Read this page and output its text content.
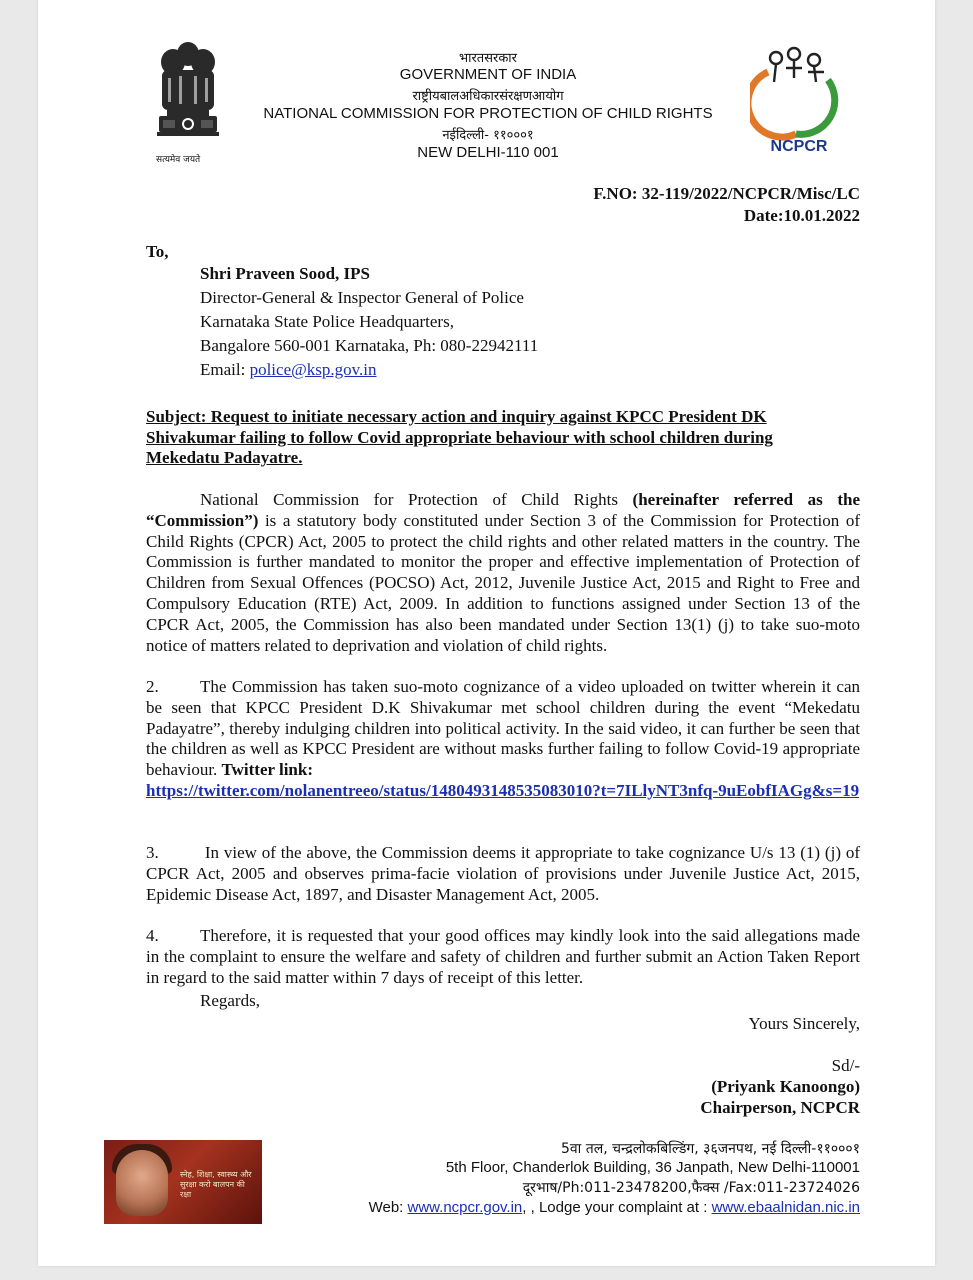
सत्यमेव जयते
भारतसरकार
GOVERNMENT OF INDIA
राष्ट्रीयबालअधिकारसंरक्षणआयोग
NATIONAL COMMISSION FOR PROTECTION OF CHILD RIGHTS
नईदिल्ली- ११०००१
NEW DELHI-110 001	NCPCR
F.NO: 32-119/2022/NCPCR/Misc/LC
Date:10.01.2022
To,
Shri Praveen Sood, IPS
Director-General & Inspector General of Police
Karnataka State Police Headquarters,
Bangalore 560-001 Karnataka, Ph: 080-22942111
Email: police@ksp.gov.in
Subject: Request to initiate necessary action and inquiry against KPCC President DK Shivakumar failing to follow Covid appropriate behaviour with school children during Mekedatu Padayatre.
National Commission for Protection of Child Rights (hereinafter referred as the “Commission”) is a statutory body constituted under Section 3 of the Commission for Protection of Child Rights (CPCR) Act, 2005 to protect the child rights and other related matters in the country. The Commission is further mandated to monitor the proper and effective implementation of Protection of Children from Sexual Offences (POCSO) Act, 2012, Juvenile Justice Act, 2015 and Right to Free and Compulsory Education (RTE) Act, 2009. In addition to functions assigned under Section 13 of the CPCR Act, 2005, the Commission has also been mandated under Section 13(1) (j) to take suo-moto notice of matters related to deprivation and violation of child rights.
2. The Commission has taken suo-moto cognizance of a video uploaded on twitter wherein it can be seen that KPCC President D.K Shivakumar met school children during the event “Mekedatu Padayatre”, thereby indulging children into political activity. In the said video, it can further be seen that the children as well as KPCC President are without masks further failing to follow Covid-19 appropriate behaviour. Twitter link:
https://twitter.com/nolanentreeo/status/1480493148535083010?t=7ILlyNT3nfq-9uEobfIAGg&s=19
3. In view of the above, the Commission deems it appropriate to take cognizance U/s 13 (1) (j) of CPCR Act, 2005 and observes prima-facie violation of provisions under Juvenile Justice Act, 2015, Epidemic Disease Act, 1897, and Disaster Management Act, 2005.
4. Therefore, it is requested that your good offices may kindly look into the said allegations made in the complaint to ensure the welfare and safety of children and further submit an Action Taken Report in regard to the said matter within 7 days of receipt of this letter.
Regards,
Yours Sincerely,
Sd/-
(Priyank Kanoongo)
Chairperson, NCPCR
स्नेह, शिक्षा, स्वास्थ्य और सुरक्षा करो बालपन की रक्षा
5वा तल, चन्द्रलोकबिल्डिंग, ३६जनपथ, नई दिल्ली-११०००१
5th Floor, Chanderlok Building, 36 Janpath, New Delhi-110001
दूरभाष/Ph:011-23478200,फैक्स /Fax:011-23724026
Web: www.ncpcr.gov.in, , Lodge your complaint at : www.ebaalnidan.nic.in
